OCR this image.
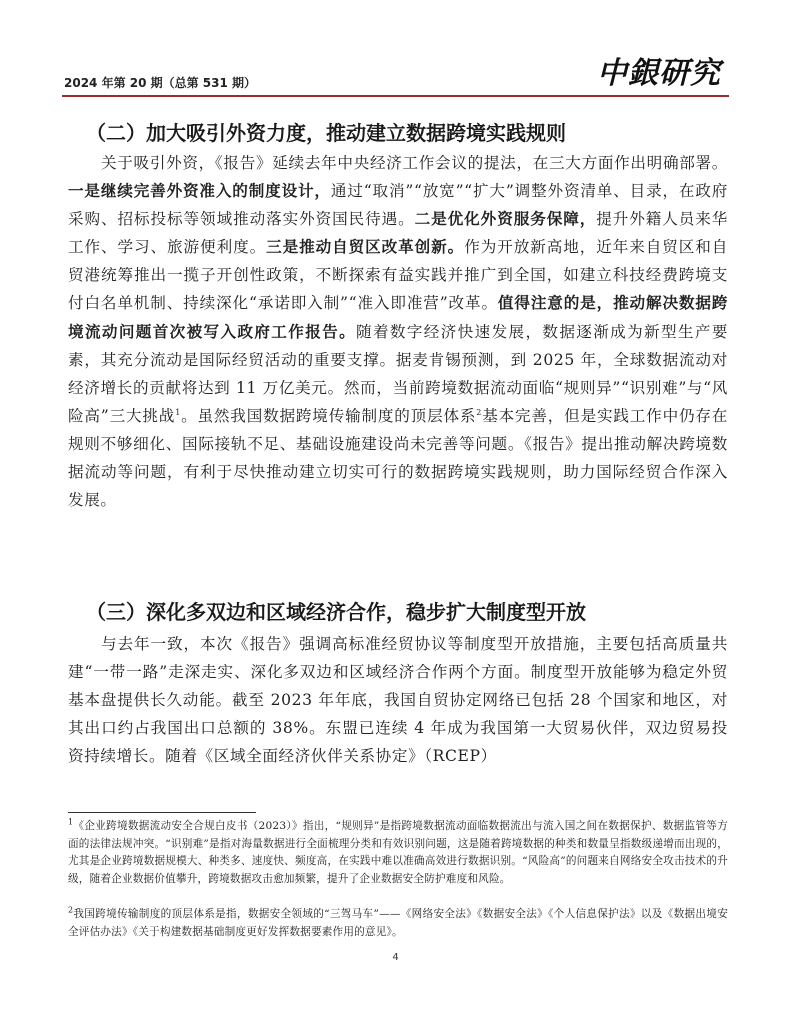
2024 年第 20 期（总第 531 期）	中銀研究
（二）加大吸引外资力度，推动建立数据跨境实践规则

关于吸引外资，《报告》延续去年中央经济工作会议的提法，在三大方面作出明确部署。一是继续完善外资准入的制度设计，通过“取消”“放宽”“扩大”调整外资清单、目录，在政府采购、招标投标等领域推动落实外资国民待遇。二是优化外资服务保障，提升外籍人员来华工作、学习、旅游便利度。三是推动自贸区改革创新。作为开放新高地，近年来自贸区和自贸港统筹推出一揽子开创性政策，不断探索有益实践并推广到全国，如建立科技经费跨境支付白名单机制、持续深化“承诺即入制”“准入即准营”改革。值得注意的是，推动解决数据跨境流动问题首次被写入政府工作报告。随着数字经济快速发展，数据逐渐成为新型生产要素，其充分流动是国际经贸活动的重要支撑。据麦肯锡预测，到 2025 年，全球数据流动对经济增长的贡献将达到 11 万亿美元。然而，当前跨境数据流动面临“规则异”“识别难”与“风险高”三大挑战$^1$。虽然我国数据跨境传输制度的顶层体系$^2$基本完善，但是实践工作中仍存在规则不够细化、国际接轨不足、基础设施建设尚未完善等问题。《报告》提出推动解决跨境数据流动等问题，有利于尽快推动建立切实可行的数据跨境实践规则，助力国际经贸合作深入发展。

（三）深化多双边和区域经济合作，稳步扩大制度型开放

与去年一致，本次《报告》强调高标准经贸协议等制度型开放措施，主要包括高质量共建“一带一路”走深走实、深化多双边和区域经济合作两个方面。制度型开放能够为稳定外贸基本盘提供长久动能。截至 2023 年年底，我国自贸协定网络已包括 28 个国家和地区，对其出口约占我国出口总额的 38%。东盟已连续 4 年成为我国第一大贸易伙伴，双边贸易投资持续增长。随着《区域全面经济伙伴关系协定》（RCEP）

$^1$《企业跨境数据流动安全合规白皮书（2023）》指出，“规则异”是指跨境数据流动面临数据流出与流入国之间在数据保护、数据监管等方面的法律法规冲突。“识别难”是指对海量数据进行全面梳理分类和有效识别问题，这是随着跨境数据的种类和数量呈指数级递增而出现的，尤其是企业跨境数据规模大、种类多、速度快、频度高，在实践中难以准确高效进行数据识别。“风险高”的问题来自网络安全攻击技术的升级，随着企业数据价值攀升，跨境数据攻击愈加频繁，提升了企业数据安全防护难度和风险。

$^2$我国跨境传输制度的顶层体系是指，数据安全领域的“三驾马车”——《网络安全法》《数据安全法》《个人信息保护法》以及《数据出境安全评估办法》《关于构建数据基础制度更好发挥数据要素作用的意见》。

4
